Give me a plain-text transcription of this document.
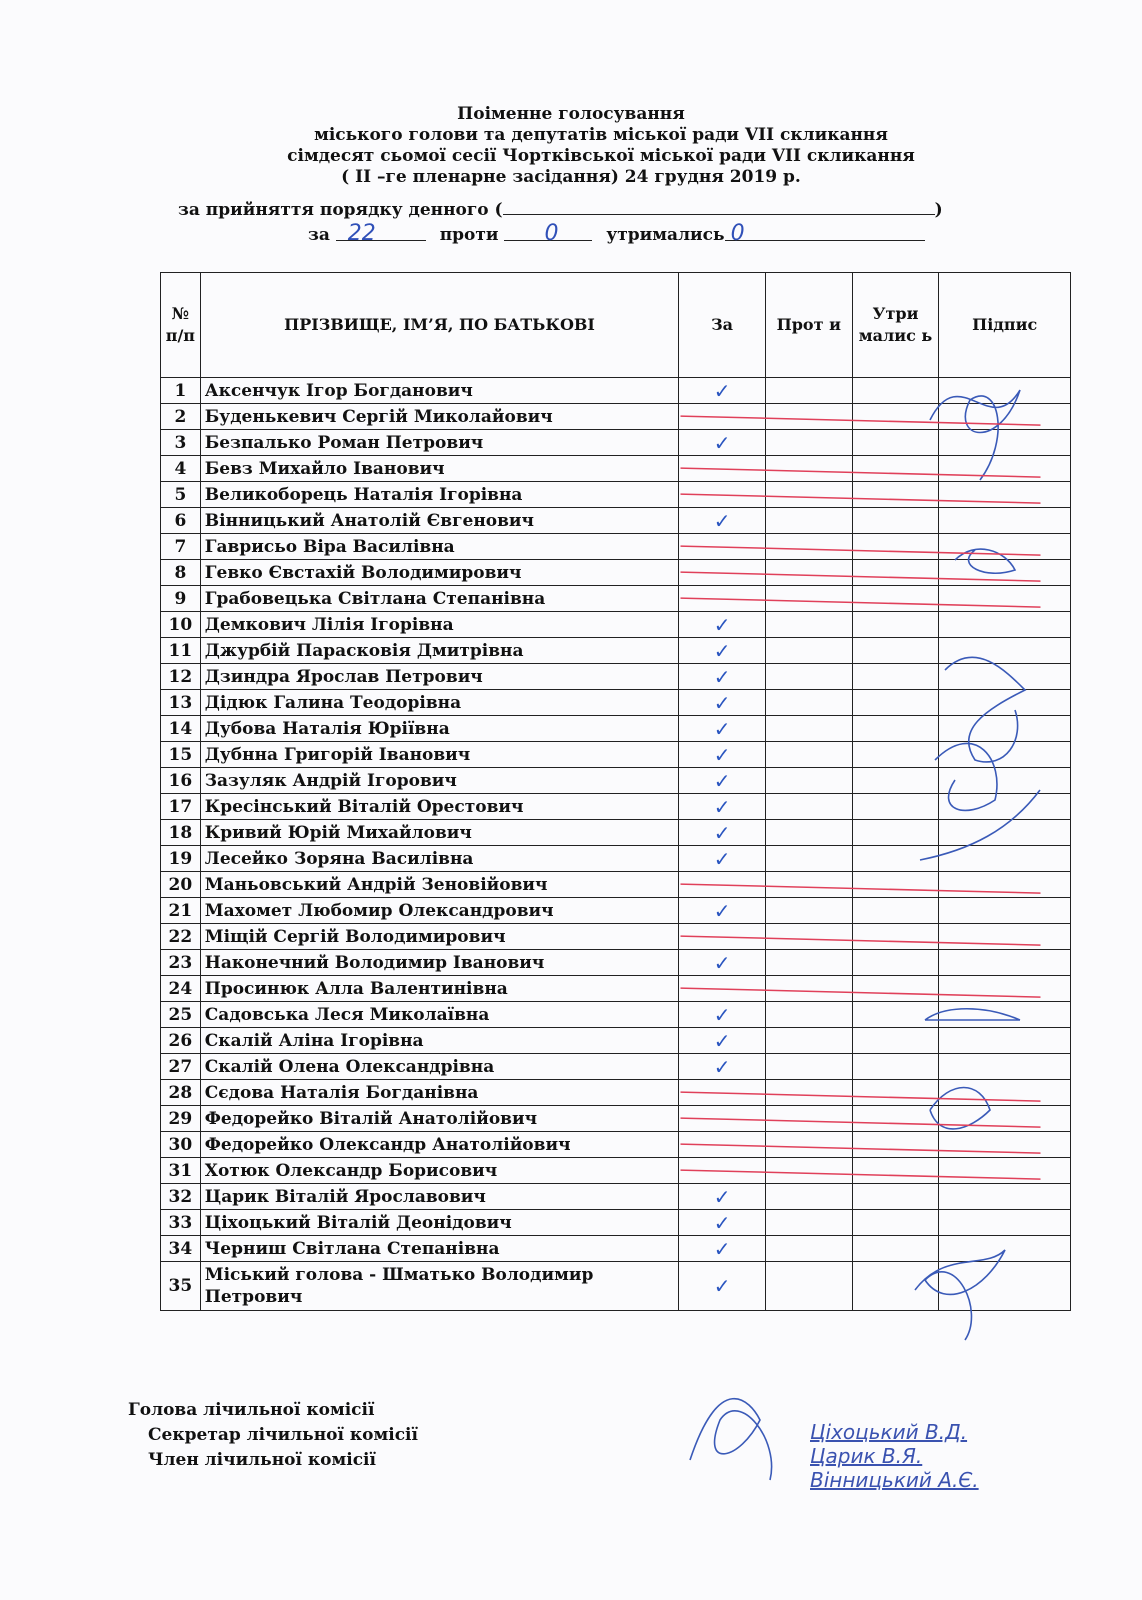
Поіменне голосування
міського голови та депутатів міської ради VІІ скликання
сімдесят сьомої сесії Чортківської міської ради VІІ скликання
( ІІ –ге пленарне засідання) 24 грудня 2019 р.
за прийняття порядку денного (	)
за 22	проти 0	утримались 0
№ п/п	ПРІЗВИЩЕ, ІМ’Я, ПО БАТЬКОВІ	За	Прот и	Утри малис ь	Підпис
1	Аксенчук Ігор Богданович	✓			
2	Буденькевич Сергій Миколайович				
3	Безпалько Роман Петрович	✓			
4	Бевз Михайло Іванович				
5	Великоборець Наталія Ігорівна				
6	Вінницький Анатолій Євгенович	✓			
7	Гаврисьо Віра Василівна				
8	Гевко Євстахій Володимирович				
9	Грабовецька Світлана Степанівна				
10	Демкович Лілія Ігорівна	✓			
11	Джурбій Парасковія Дмитрівна	✓			
12	Дзиндра Ярослав Петрович	✓			
13	Дідюк Галина Теодорівна	✓			
14	Дубова Наталія Юріївна	✓			
15	Дубнна Григорій Іванович	✓			
16	Зазуляк Андрій Ігорович	✓			
17	Кресінський Віталій Орестович	✓			
18	Кривий Юрій Михайлович	✓			
19	Лесейко Зоряна Василівна	✓			
20	Маньовський Андрій Зеновійович				
21	Махомет Любомир Олександрович	✓			
22	Міщій Сергій Володимирович				
23	Наконечний Володимир Іванович	✓			
24	Просинюк Алла Валентинівна				
25	Садовська Леся Миколаївна	✓			
26	Скалій Аліна Ігорівна	✓			
27	Скалій Олена Олександрівна	✓			
28	Сєдова Наталія Богданівна				
29	Федорейко Віталій Анатолійович				
30	Федорейко Олександр Анатолійович				
31	Хотюк Олександр Борисович				
32	Царик Віталій Ярославович	✓			
33	Ціхоцький Віталій Деонідович	✓			
34	Черниш Світлана Степанівна	✓			
35	Міський голова - Шматько Володимир Петрович	✓			
Голова лічильної комісії
Секретар лічильної комісії
Член лічильної комісії
Ціхоцький В.Д.
Царик В.Я.
Вінницький А.Є.
